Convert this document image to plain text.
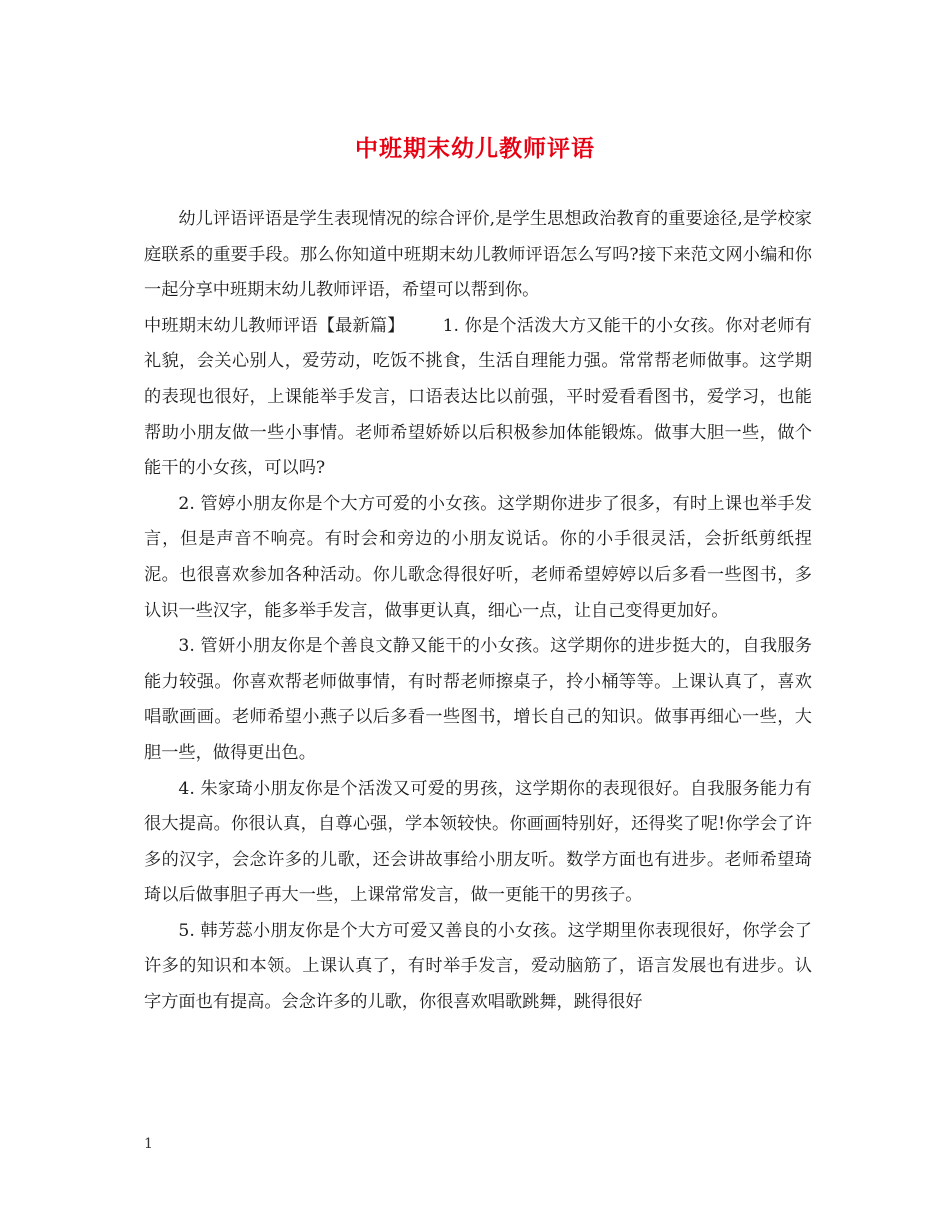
中班期末幼儿教师评语

幼儿评语评语是学生表现情况的综合评价,是学生思想政治教育的重要途径,是学校家庭联系的重要手段。那么你知道中班期末幼儿教师评语怎么写吗?接下来范文网小编和你一起分享中班期末幼儿教师评语，希望可以帮到你。

中班期末幼儿教师评语【最新篇】 1. 你是个活泼大方又能干的小女孩。你对老师有礼貌，会关心别人，爱劳动，吃饭不挑食，生活自理能力强。常常帮老师做事。这学期的表现也很好，上课能举手发言，口语表达比以前强，平时爱看看图书，爱学习，也能帮助小朋友做一些小事情。老师希望娇娇以后积极参加体能锻炼。做事大胆一些，做个能干的小女孩，可以吗?

2. 管婷小朋友你是个大方可爱的小女孩。这学期你进步了很多，有时上课也举手发言，但是声音不响亮。有时会和旁边的小朋友说话。你的小手很灵活，会折纸剪纸捏泥。也很喜欢参加各种活动。你儿歌念得很好听，老师希望婷婷以后多看一些图书，多认识一些汉字，能多举手发言，做事更认真，细心一点，让自己变得更加好。

3. 管妍小朋友你是个善良文静又能干的小女孩。这学期你的进步挺大的，自我服务能力较强。你喜欢帮老师做事情，有时帮老师擦桌子，拎小桶等等。上课认真了，喜欢唱歌画画。老师希望小燕子以后多看一些图书，增长自己的知识。做事再细心一些，大胆一些，做得更出色。

4. 朱家琦小朋友你是个活泼又可爱的男孩，这学期你的表现很好。自我服务能力有很大提高。你很认真，自尊心强，学本领较快。你画画特别好，还得奖了呢!你学会了许多的汉字，会念许多的儿歌，还会讲故事给小朋友听。数学方面也有进步。老师希望琦琦以后做事胆子再大一些，上课常常发言，做一更能干的男孩子。

5. 韩芳蕊小朋友你是个大方可爱又善良的小女孩。这学期里你表现很好，你学会了许多的知识和本领。上课认真了，有时举手发言，爱动脑筋了，语言发展也有进步。认字方面也有提高。会念许多的儿歌，你很喜欢唱歌跳舞，跳得很好

1
